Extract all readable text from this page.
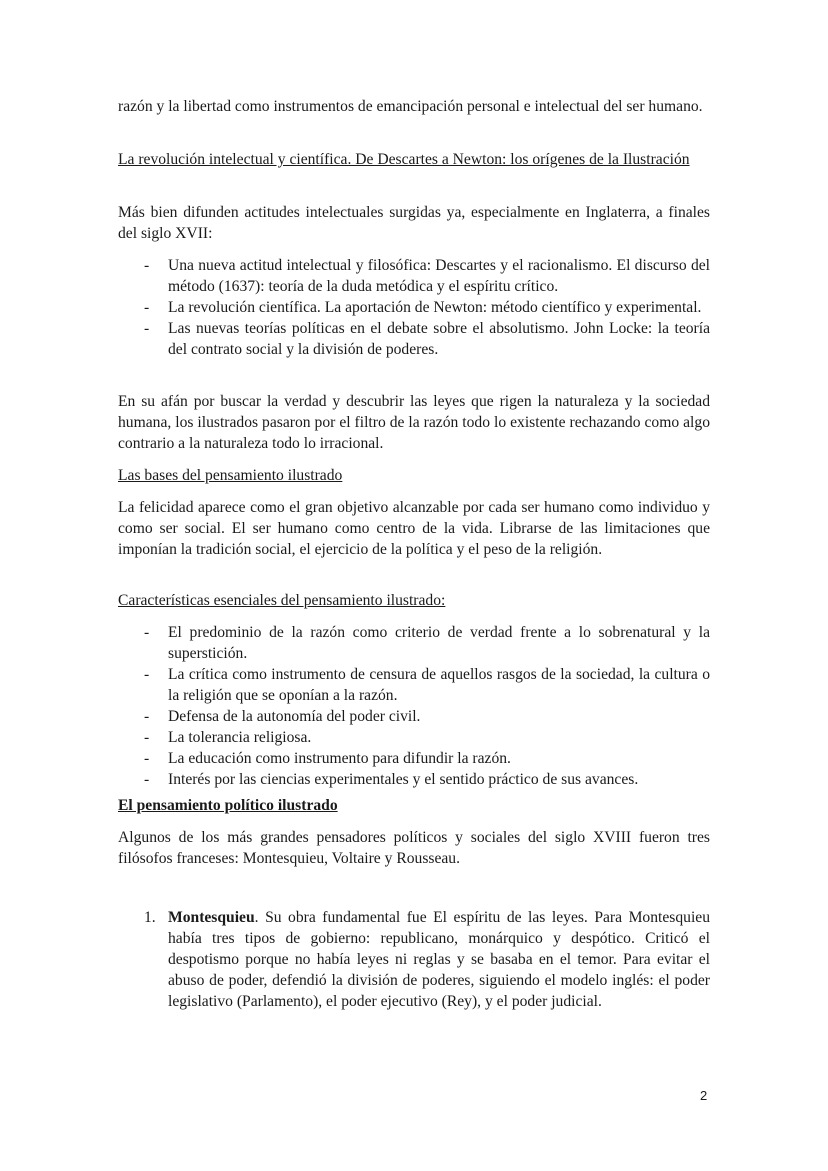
razón y la libertad como instrumentos de emancipación personal e intelectual del ser humano.

La revolución intelectual y científica. De Descartes a Newton: los orígenes de la Ilustración

Más bien difunden actitudes intelectuales surgidas ya, especialmente en Inglaterra, a finales del siglo XVII:

- Una nueva actitud intelectual y filosófica: Descartes y el racionalismo. El discurso del método (1637): teoría de la duda metódica y el espíritu crítico.
- La revolución científica. La aportación de Newton: método científico y experimental.
- Las nuevas teorías políticas en el debate sobre el absolutismo. John Locke: la teoría del contrato social y la división de poderes.

En su afán por buscar la verdad y descubrir las leyes que rigen la naturaleza y la sociedad humana, los ilustrados pasaron por el filtro de la razón todo lo existente rechazando como algo contrario a la naturaleza todo lo irracional.

Las bases del pensamiento ilustrado

La felicidad aparece como el gran objetivo alcanzable por cada ser humano como individuo y como ser social. El ser humano como centro de la vida. Librarse de las limitaciones que imponían la tradición social, el ejercicio de la política y el peso de la religión.

Características esenciales del pensamiento ilustrado:

- El predominio de la razón como criterio de verdad frente a lo sobrenatural y la superstición.
- La crítica como instrumento de censura de aquellos rasgos de la sociedad, la cultura o la religión que se oponían a la razón.
- Defensa de la autonomía del poder civil.
- La tolerancia religiosa.
- La educación como instrumento para difundir la razón.
- Interés por las ciencias experimentales y el sentido práctico de sus avances.

El pensamiento político ilustrado

Algunos de los más grandes pensadores políticos y sociales del siglo XVIII fueron tres filósofos franceses: Montesquieu, Voltaire y Rousseau.

1. Montesquieu. Su obra fundamental fue El espíritu de las leyes. Para Montesquieu había tres tipos de gobierno: republicano, monárquico y despótico. Criticó el despotismo porque no había leyes ni reglas y se basaba en el temor. Para evitar el abuso de poder, defendió la división de poderes, siguiendo el modelo inglés: el poder legislativo (Parlamento), el poder ejecutivo (Rey), y el poder judicial.
2
